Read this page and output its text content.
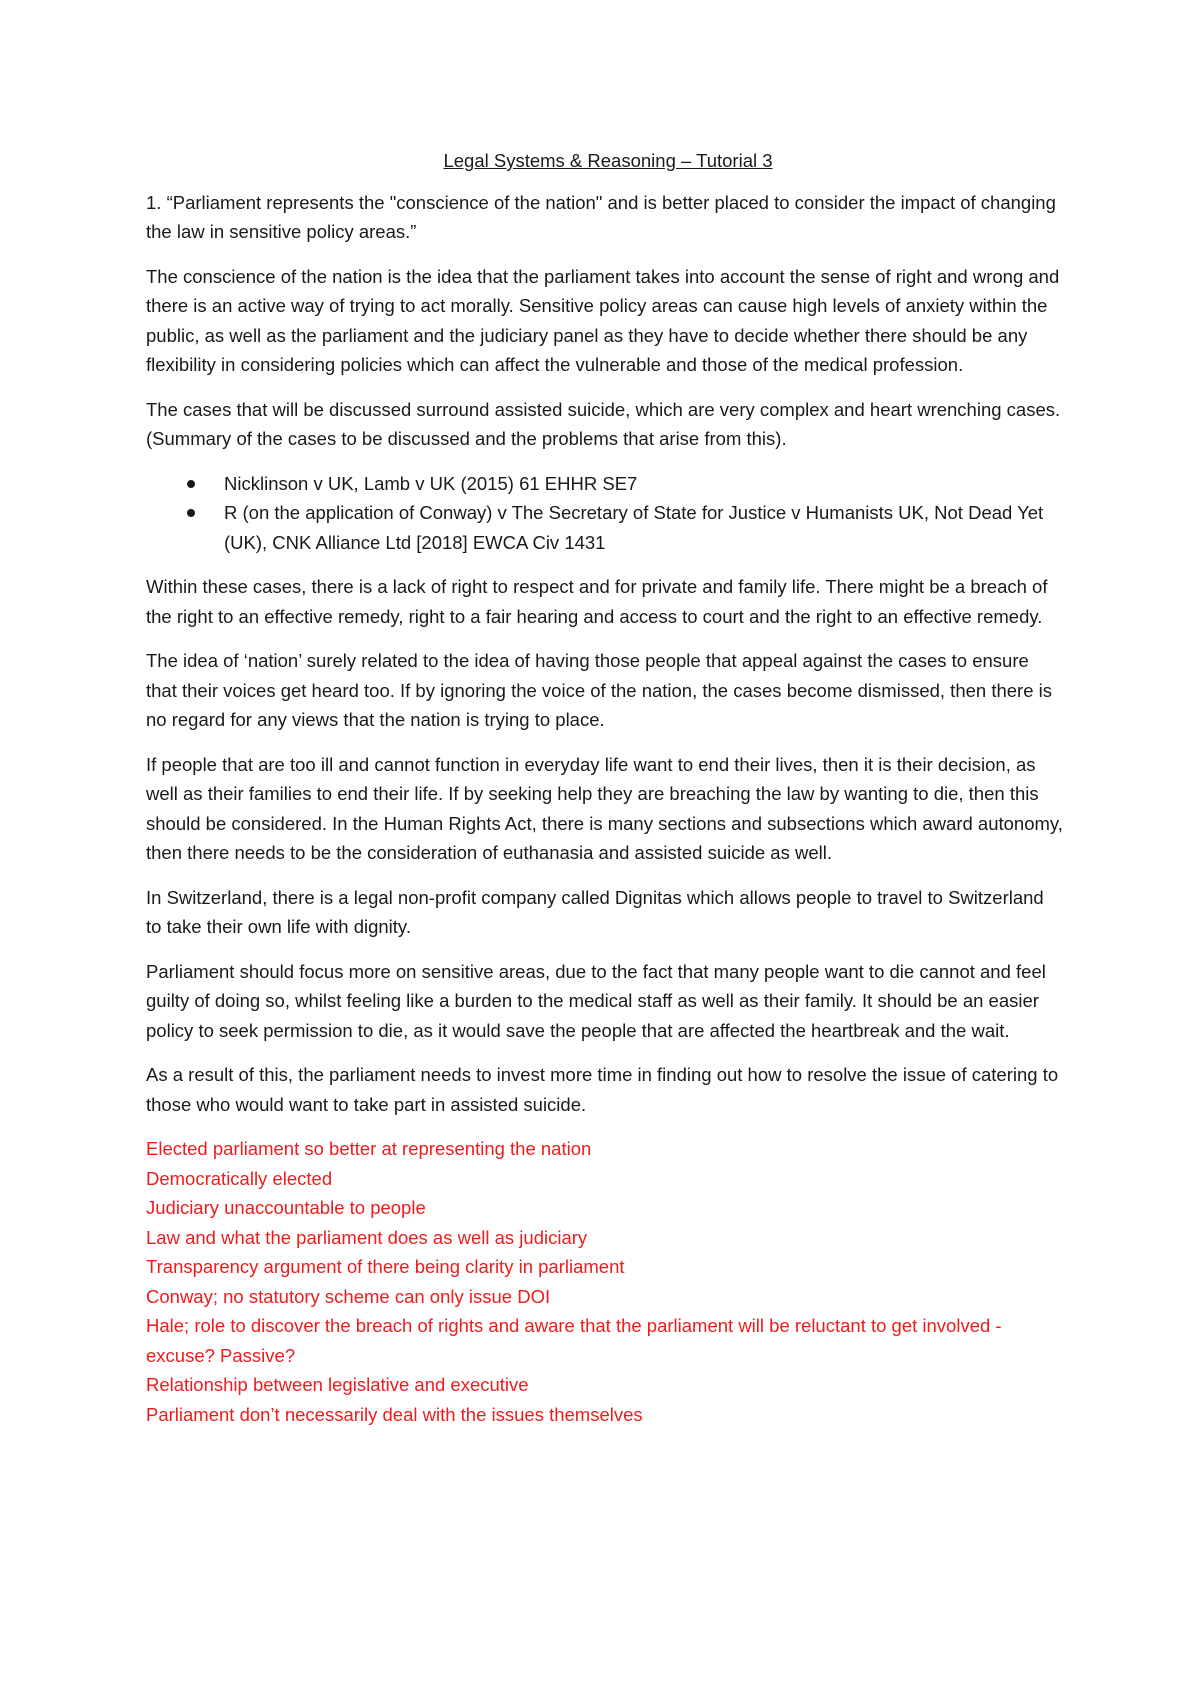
Legal Systems & Reasoning – Tutorial 3

1. “Parliament represents the "conscience of the nation" and is better placed to consider the impact of changing the law in sensitive policy areas.”

The conscience of the nation is the idea that the parliament takes into account the sense of right and wrong and there is an active way of trying to act morally. Sensitive policy areas can cause high levels of anxiety within the public, as well as the parliament and the judiciary panel as they have to decide whether there should be any flexibility in considering policies which can affect the vulnerable and those of the medical profession.

The cases that will be discussed surround assisted suicide, which are very complex and heart wrenching cases. (Summary of the cases to be discussed and the problems that arise from this).

Nicklinson v UK, Lamb v UK (2015) 61 EHHR SE7
R (on the application of Conway) v The Secretary of State for Justice v Humanists UK, Not Dead Yet (UK), CNK Alliance Ltd [2018] EWCA Civ 1431

Within these cases, there is a lack of right to respect and for private and family life. There might be a breach of the right to an effective remedy, right to a fair hearing and access to court and the right to an effective remedy.

The idea of ‘nation’ surely related to the idea of having those people that appeal against the cases to ensure that their voices get heard too. If by ignoring the voice of the nation, the cases become dismissed, then there is no regard for any views that the nation is trying to place.

If people that are too ill and cannot function in everyday life want to end their lives, then it is their decision, as well as their families to end their life. If by seeking help they are breaching the law by wanting to die, then this should be considered. In the Human Rights Act, there is many sections and subsections which award autonomy, then there needs to be the consideration of euthanasia and assisted suicide as well.

In Switzerland, there is a legal non-profit company called Dignitas which allows people to travel to Switzerland to take their own life with dignity.

Parliament should focus more on sensitive areas, due to the fact that many people want to die cannot and feel guilty of doing so, whilst feeling like a burden to the medical staff as well as their family. It should be an easier policy to seek permission to die, as it would save the people that are affected the heartbreak and the wait.

As a result of this, the parliament needs to invest more time in finding out how to resolve the issue of catering to those who would want to take part in assisted suicide.

Elected parliament so better at representing the nation
Democratically elected
Judiciary unaccountable to people
Law and what the parliament does as well as judiciary
Transparency argument of there being clarity in parliament
Conway; no statutory scheme can only issue DOI
Hale; role to discover the breach of rights and aware that the parliament will be reluctant to get involved - excuse? Passive?
Relationship between legislative and executive
Parliament don’t necessarily deal with the issues themselves
